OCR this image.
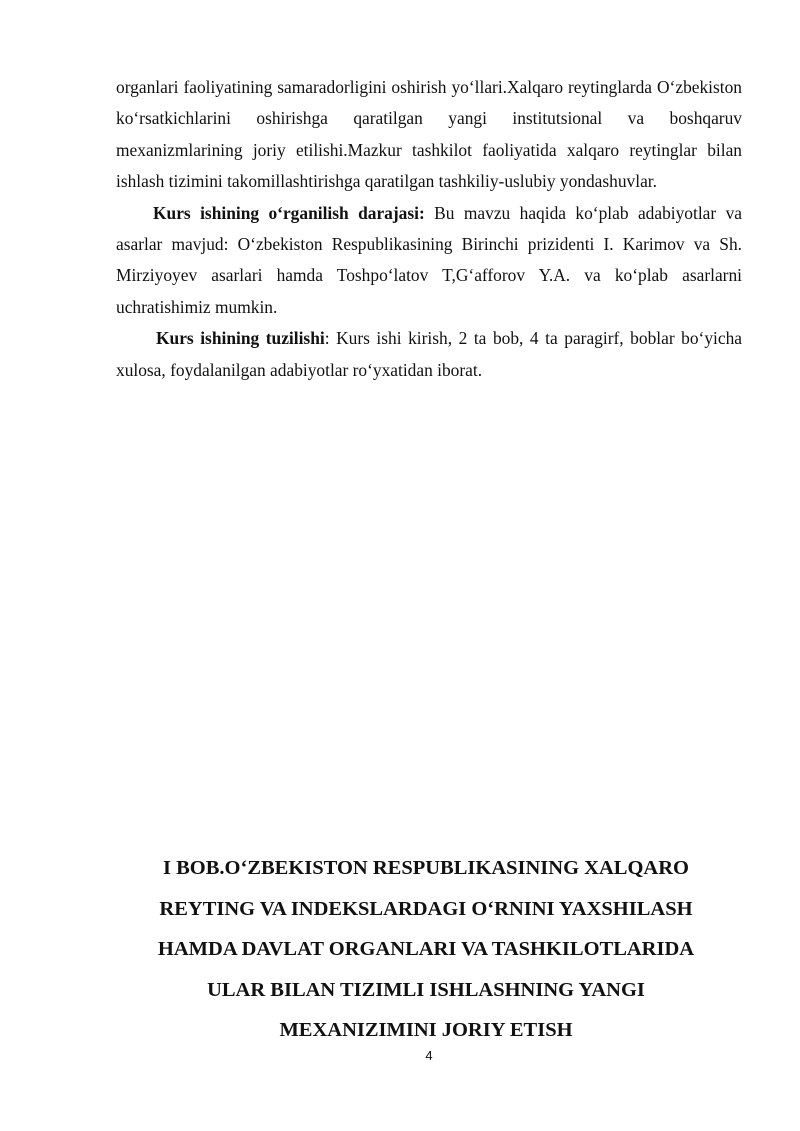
organlari faoliyatining samaradorligini oshirish yo‘llari.Xalqaro reytinglarda O‘zbekiston ko‘rsatkichlarini oshirishga qaratilgan yangi institutsional va boshqaruv mexanizmlarining joriy etilishi.Mazkur tashkilot faoliyatida xalqaro reytinglar bilan ishlash tizimini takomillashtirishga qaratilgan tashkiliy-uslubiy yondashuvlar.

Kurs ishining o‘rganilish darajasi: Bu mavzu haqida ko‘plab adabiyotlar va asarlar mavjud: O‘zbekiston Respublikasining Birinchi prizidenti I. Karimov va Sh. Mirziyoyev asarlari hamda Toshpo‘latov T,G‘afforov Y.A. va ko‘plab asarlarni uchratishimiz mumkin.

Kurs ishining tuzilishi: Kurs ishi kirish, 2 ta bob, 4 ta paragirf, boblar bo‘yicha xulosa, foydalanilgan adabiyotlar ro‘yxatidan iborat.

I BOB.OʻZBEKISTON RESPUBLIKASINING XALQARO
REYTING VA INDEKSLARDAGI OʻRNINI YAXSHILASH
HAMDA DAVLAT ORGANLARI VA TASHKILOTLARIDA
ULAR BILAN TIZIMLI ISHLASHNING YANGI
MEXANIZIMINI JORIY ETISH
4
